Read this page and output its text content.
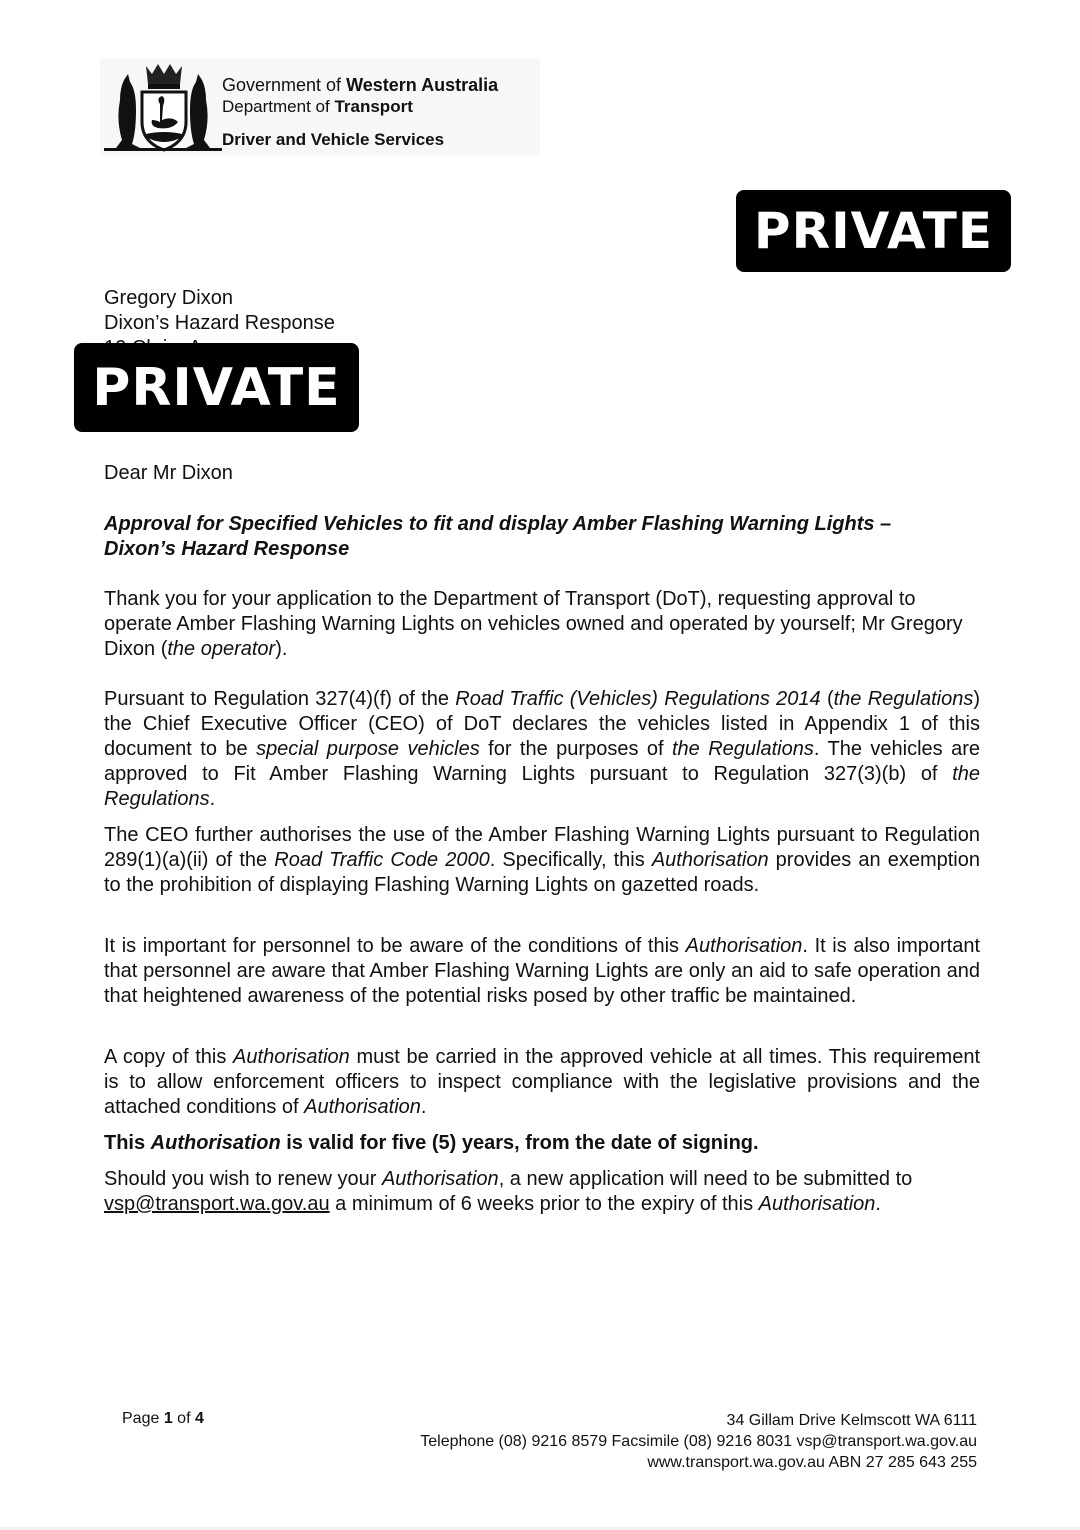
Government of Western Australia
Department of Transport
Driver and Vehicle Services
PRIVATE
Gregory Dixon
Dixon’s Hazard Response
PRIVATE
Dear Mr Dixon
Approval for Specified Vehicles to fit and display Amber Flashing Warning Lights –
Dixon’s Hazard Response
Thank you for your application to the Department of Transport (DoT), requesting approval to operate Amber Flashing Warning Lights on vehicles owned and operated by yourself; Mr Gregory Dixon (the operator).
Pursuant to Regulation 327(4)(f) of the Road Traffic (Vehicles) Regulations 2014 (the Regulations) the Chief Executive Officer (CEO) of DoT declares the vehicles listed in Appendix 1 of this document to be special purpose vehicles for the purposes of the Regulations. The vehicles are approved to Fit Amber Flashing Warning Lights pursuant to Regulation 327(3)(b) of the Regulations.
The CEO further authorises the use of the Amber Flashing Warning Lights pursuant to Regulation 289(1)(a)(ii) of the Road Traffic Code 2000. Specifically, this Authorisation provides an exemption to the prohibition of displaying Flashing Warning Lights on gazetted roads.
It is important for personnel to be aware of the conditions of this Authorisation. It is also important that personnel are aware that Amber Flashing Warning Lights are only an aid to safe operation and that heightened awareness of the potential risks posed by other traffic be maintained.
A copy of this Authorisation must be carried in the approved vehicle at all times. This requirement is to allow enforcement officers to inspect compliance with the legislative provisions and the attached conditions of Authorisation.
This Authorisation is valid for five (5) years, from the date of signing.
Should you wish to renew your Authorisation, a new application will need to be submitted to vsp@transport.wa.gov.au a minimum of 6 weeks prior to the expiry of this Authorisation.
Page 1 of 4	34 Gillam Drive Kelmscott WA 6111
Telephone (08) 9216 8579 Facsimile (08) 9216 8031 vsp@transport.wa.gov.au
www.transport.wa.gov.au ABN 27 285 643 255
